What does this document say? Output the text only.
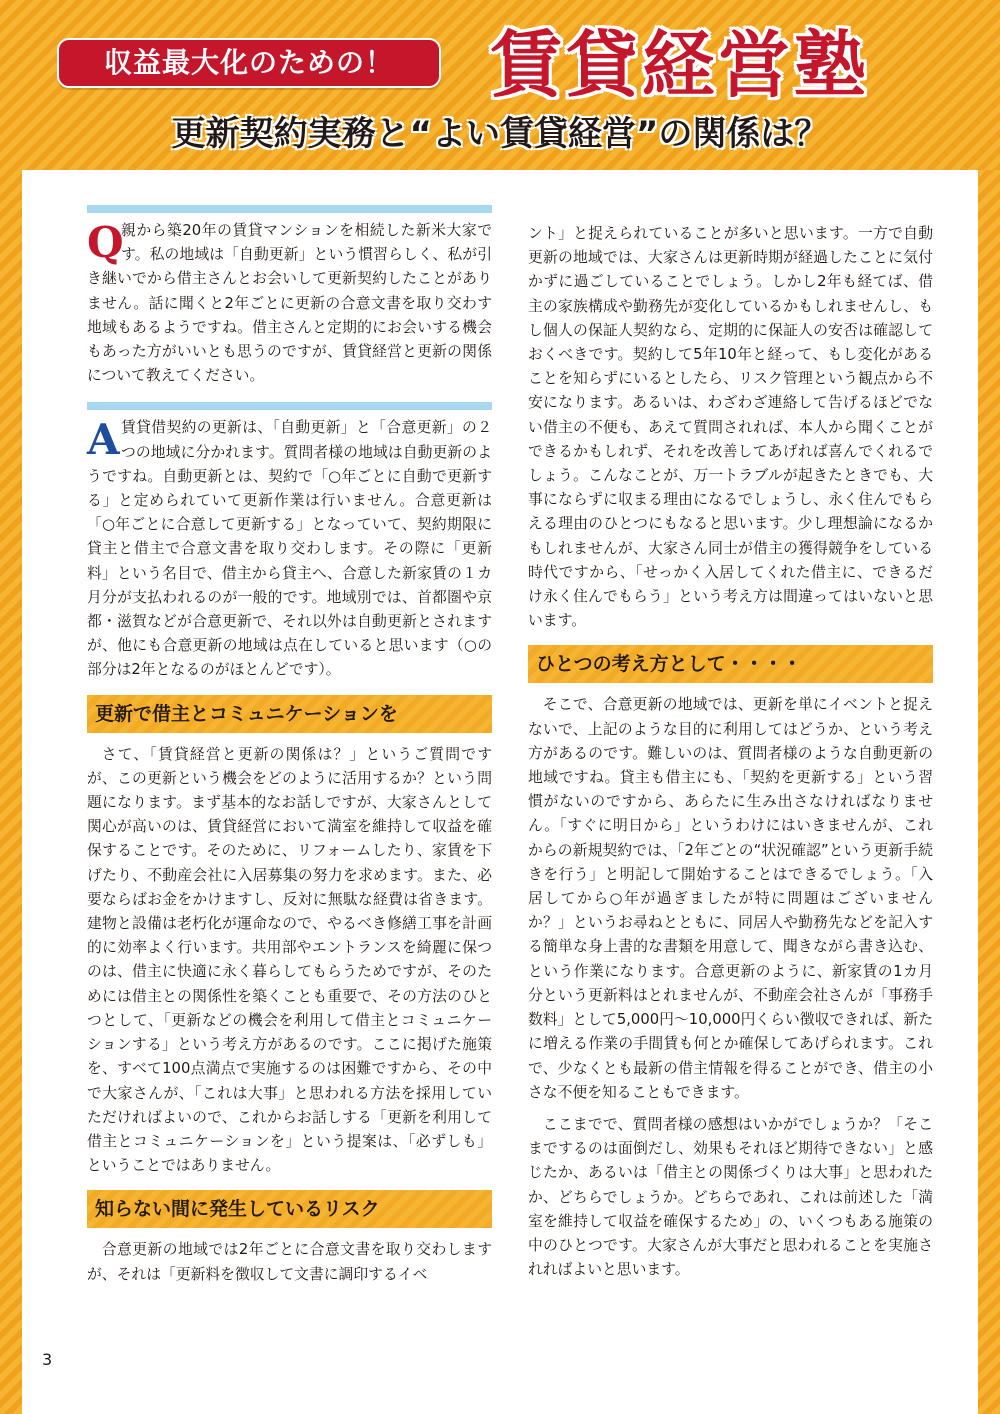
収益最大化のための！	賃貸経営塾
更新契約実務と“よい賃貸経営”の関係は？
Q

親から築20年の賃貸マンションを相続した新米大家です。私の地域は「自動更新」という慣習らしく、私が引き継いでから借主さんとお会いして更新契約したことがありません。話に聞くと2年ごとに更新の合意文書を取り交わす地域もあるようですね。借主さんと定期的にお会いする機会もあった方がいいとも思うのですが、賃貸経営と更新の関係について教えてください。

A 賃貸借契約の更新は、「自動更新」と「合意更新」の２つの地域に分かれます。質問者様の地域は自動更新のようですね。自動更新とは、契約で「○年ごとに自動で更新する」と定められていて更新作業は行いません。合意更新は「○年ごとに合意して更新する」となっていて、契約期限に貸主と借主で合意文書を取り交わします。その際に「更新料」という名目で、借主から貸主へ、合意した新家賃の１カ月分が支払われるのが一般的です。地域別では、首都圏や京都・滋賀などが合意更新で、それ以外は自動更新とされますが、他にも合意更新の地域は点在していると思います（○の部分は2年となるのがほとんどです）。

更新で借主とコミュニケーションを

さて、「賃貸経営と更新の関係は？」というご質問ですが、この更新という機会をどのように活用するか？という問題になります。まず基本的なお話しですが、大家さんとして関心が高いのは、賃貸経営において満室を維持して収益を確保することです。そのために、リフォームしたり、家賃を下げたり、不動産会社に入居募集の努力を求めます。また、必要ならばお金をかけますし、反対に無駄な経費は省きます。建物と設備は老朽化が運命なので、やるべき修繕工事を計画的に効率よく行います。共用部やエントランスを綺麗に保つのは、借主に快適に永く暮らしてもらうためですが、そのためには借主との関係性を築くことも重要で、その方法のひとつとして、「更新などの機会を利用して借主とコミュニケーションする」という考え方があるのです。ここに掲げた施策を、すべて100点満点で実施するのは困難ですから、その中で大家さんが、「これは大事」と思われる方法を採用していただければよいので、これからお話しする「更新を利用して借主とコミュニケーションを」という提案は、「必ずしも」ということではありません。

知らない間に発生しているリスク

合意更新の地域では2年ごとに合意文書を取り交わしますが、それは「更新料を徴収して文書に調印するイベ

ント」と捉えられていることが多いと思います。一方で自動更新の地域では、大家さんは更新時期が経過したことに気付かずに過ごしていることでしょう。しかし2年も経てば、借主の家族構成や勤務先が変化しているかもしれませんし、もし個人の保証人契約なら、定期的に保証人の安否は確認しておくべきです。契約して5年10年と経って、もし変化があることを知らずにいるとしたら、リスク管理という観点から不安になります。あるいは、わざわざ連絡して告げるほどでない借主の不便も、あえて質問されれば、本人から聞くことができるかもしれず、それを改善してあげれば喜んでくれるでしょう。こんなことが、万一トラブルが起きたときでも、大事にならずに収まる理由になるでしょうし、永く住んでもらえる理由のひとつにもなると思います。少し理想論になるかもしれませんが、大家さん同士が借主の獲得競争をしている時代ですから、「せっかく入居してくれた借主に、できるだけ永く住んでもらう」という考え方は間違ってはいないと思います。

ひとつの考え方として・・・・

そこで、合意更新の地域では、更新を単にイベントと捉えないで、上記のような目的に利用してはどうか、という考え方があるのです。難しいのは、質問者様のような自動更新の地域ですね。貸主も借主にも、「契約を更新する」という習慣がないのですから、あらたに生み出さなければなりません。「すぐに明日から」というわけにはいきませんが、これからの新規契約では、「2年ごとの“状況確認”という更新手続きを行う」と明記して開始することはできるでしょう。「入居してから○年が過ぎましたが特に問題はございませんか？」というお尋ねとともに、同居人や勤務先などを記入する簡単な身上書的な書類を用意して、聞きながら書き込む、という作業になります。合意更新のように、新家賃の1カ月分という更新料はとれませんが、不動産会社さんが「事務手数料」として5,000円～10,000円くらい徴収できれば、新たに増える作業の手間賃も何とか確保してあげられます。これで、少なくとも最新の借主情報を得ることができ、借主の小さな不便を知ることもできます。

ここまでで、質問者様の感想はいかがでしょうか？「そこまでするのは面倒だし、効果もそれほど期待できない」と感じたか、あるいは「借主との関係づくりは大事」と思われたか、どちらでしょうか。どちらであれ、これは前述した「満室を維持して収益を確保するため」の、いくつもある施策の中のひとつです。大家さんが大事だと思われることを実施されればよいと思います。

3
